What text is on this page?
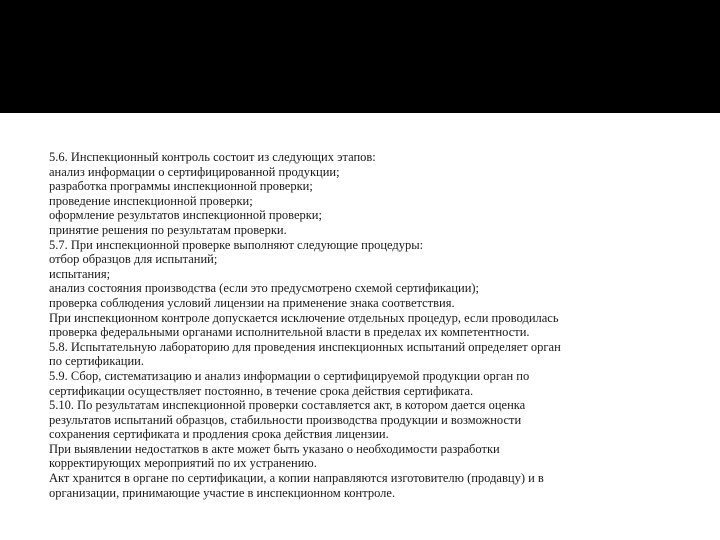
5.6. Инспекционный контроль состоит из следующих этапов:
анализ информации о сертифицированной продукции;
разработка программы инспекционной проверки;
проведение инспекционной проверки;
оформление результатов инспекционной проверки;
принятие решения по результатам проверки.
5.7. При инспекционной проверке выполняют следующие процедуры:
отбор образцов для испытаний;
испытания;
анализ состояния производства (если это предусмотрено схемой сертификации);
проверка соблюдения условий лицензии на применение знака соответствия.
При инспекционном контроле допускается исключение отдельных процедур, если проводилась
проверка федеральными органами исполнительной власти в пределах их компетентности.
5.8. Испытательную лабораторию для проведения инспекционных испытаний определяет орган
по сертификации.
5.9. Сбор, систематизацию и анализ информации о сертифицируемой продукции орган по
сертификации осуществляет постоянно, в течение срока действия сертификата.
5.10. По результатам инспекционной проверки составляется акт, в котором дается оценка
результатов испытаний образцов, стабильности производства продукции и возможности
сохранения сертификата и продления срока действия лицензии.
При выявлении недостатков в акте может быть указано о необходимости разработки
корректирующих мероприятий по их устранению.
Акт хранится в органе по сертификации, а копии направляются изготовителю (продавцу) и в
организации, принимающие участие в инспекционном контроле.
